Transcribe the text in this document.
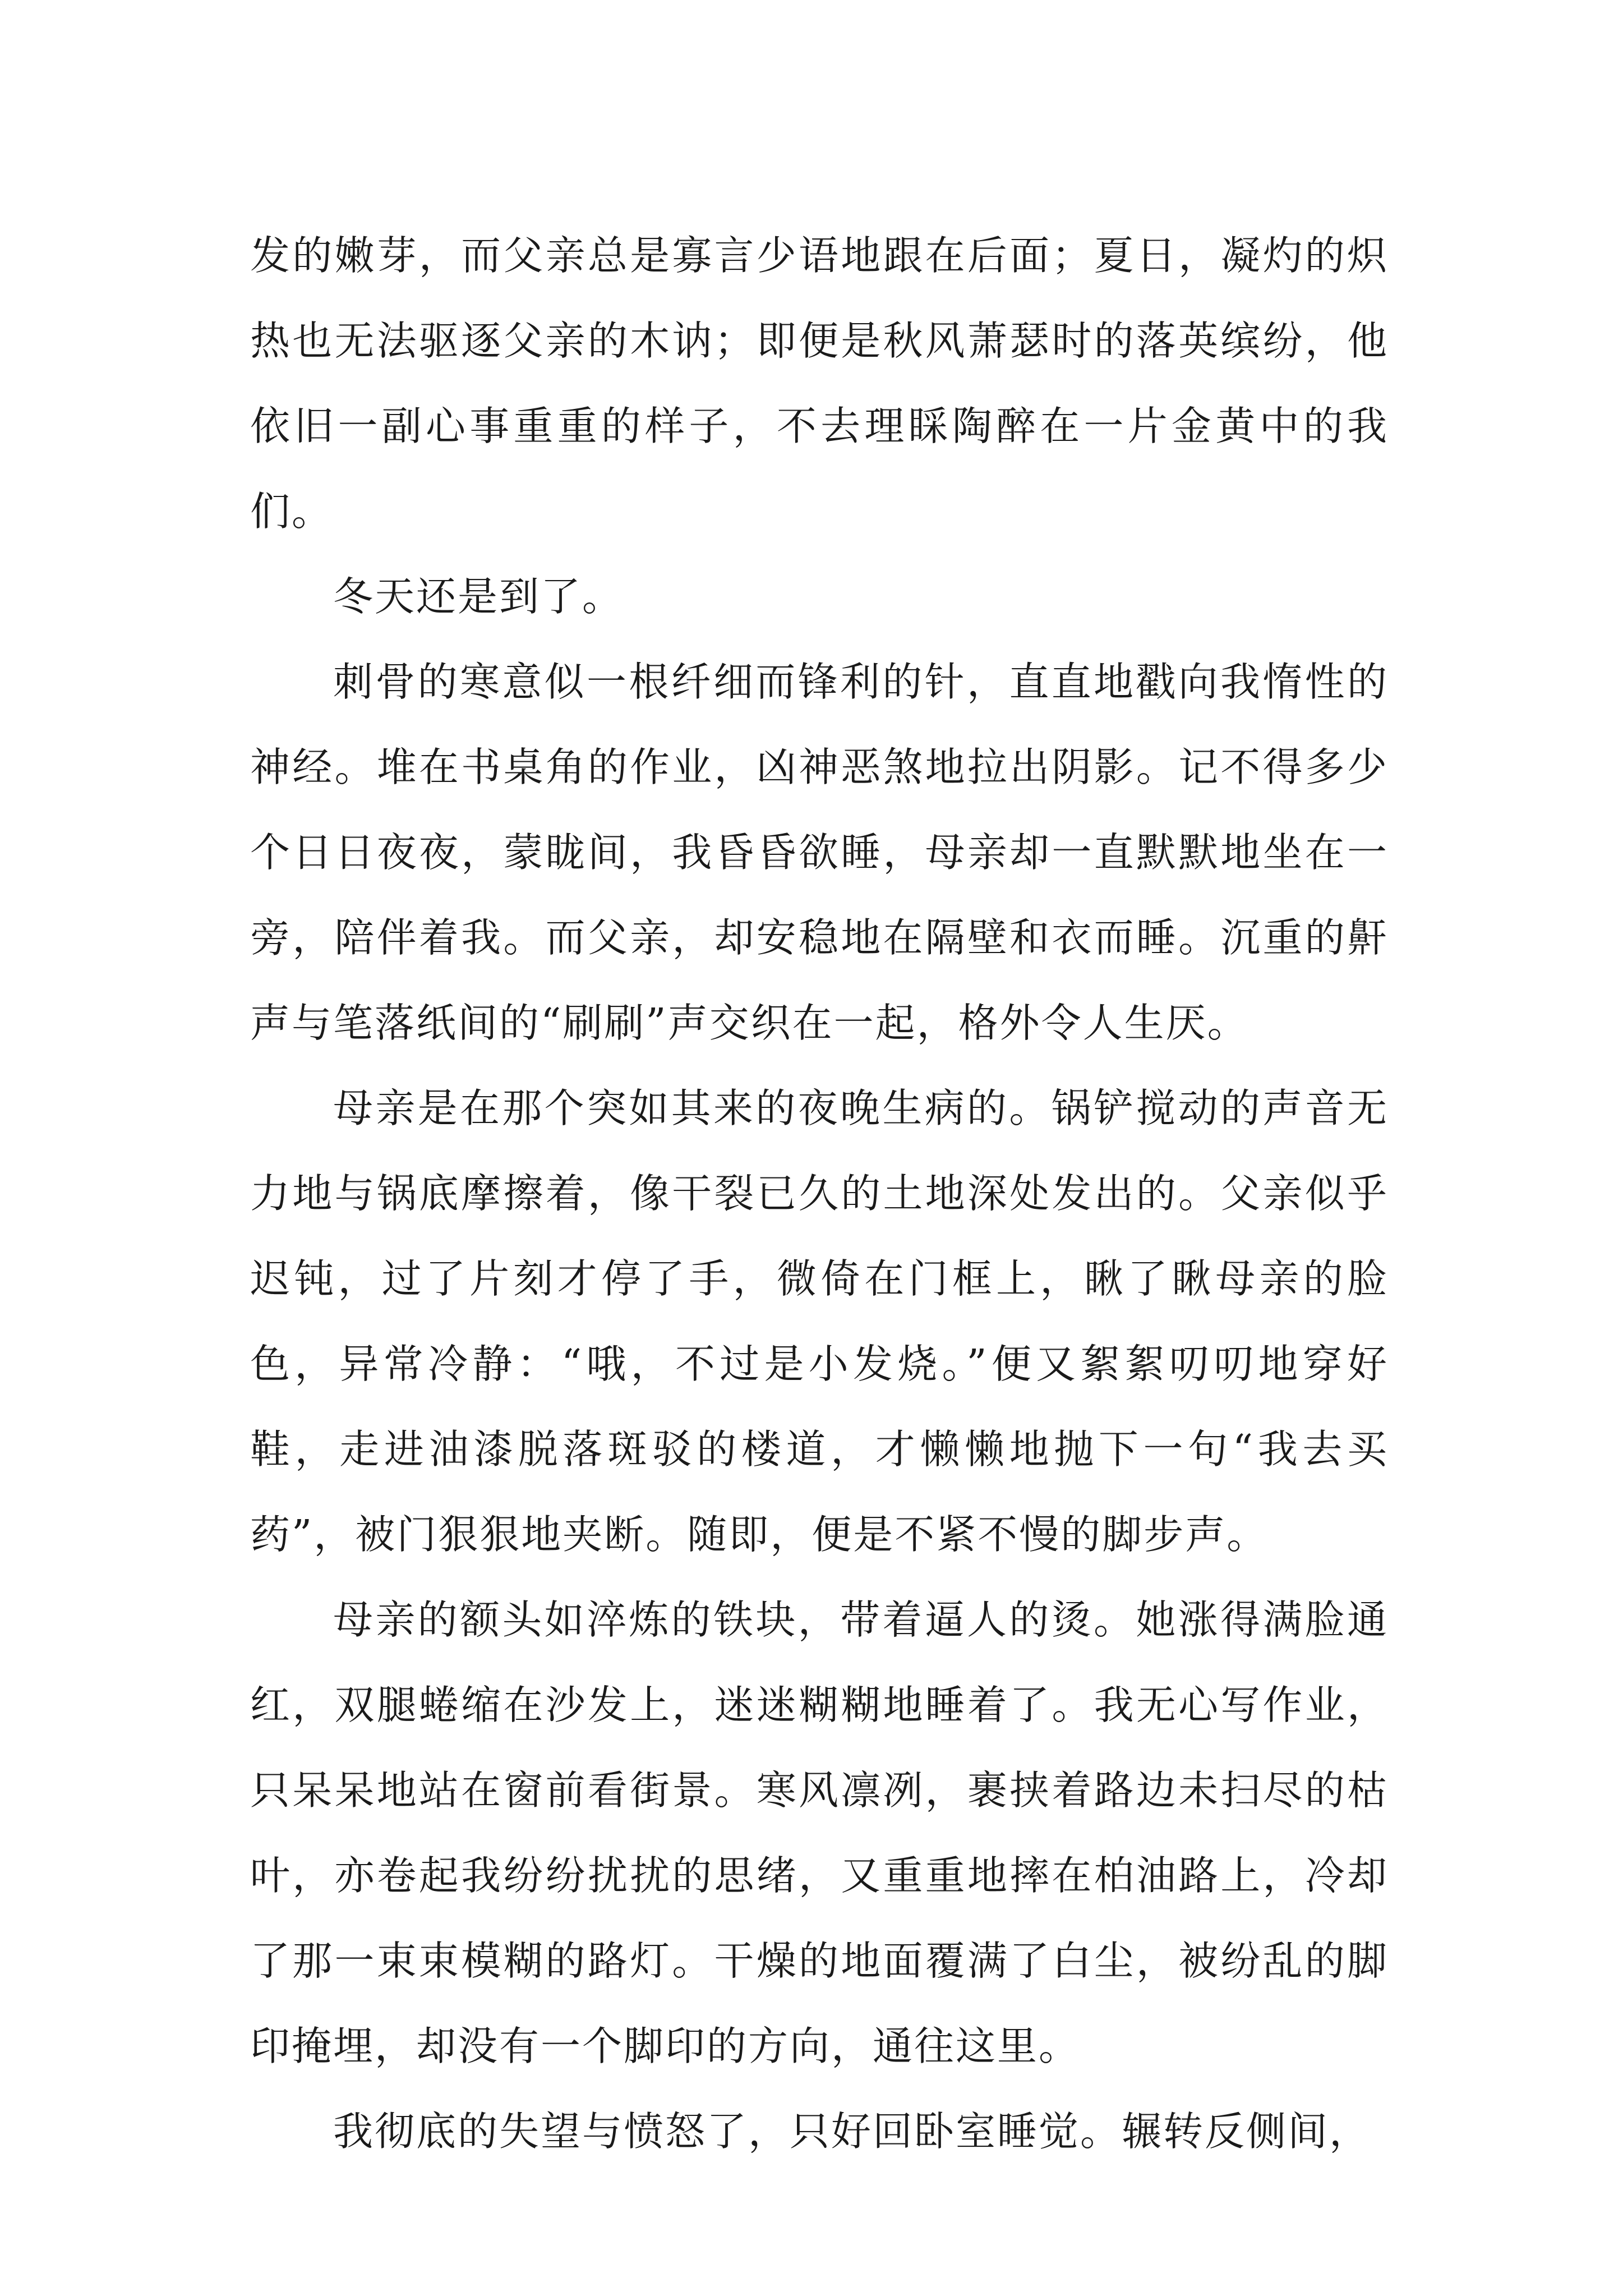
发的嫩芽，而父亲总是寡言少语地跟在后面；夏日，凝灼的炽热也无法驱逐父亲的木讷；即便是秋风萧瑟时的落英缤纷，他依旧一副心事重重的样子，不去理睬陶醉在一片金黄中的我们。

冬天还是到了。

刺骨的寒意似一根纤细而锋利的针，直直地戳向我惰性的神经。堆在书桌角的作业，凶神恶煞地拉出阴影。记不得多少个日日夜夜，蒙眬间，我昏昏欲睡，母亲却一直默默地坐在一旁，陪伴着我。而父亲，却安稳地在隔壁和衣而睡。沉重的鼾声与笔落纸间的“刷刷”声交织在一起，格外令人生厌。

母亲是在那个突如其来的夜晚生病的。锅铲搅动的声音无力地与锅底摩擦着，像干裂已久的土地深处发出的。父亲似乎迟钝，过了片刻才停了手，微倚在门框上，瞅了瞅母亲的脸色，异常冷静：“哦，不过是小发烧。”便又絮絮叨叨地穿好鞋，走进油漆脱落斑驳的楼道，才懒懒地抛下一句“我去买药”，被门狠狠地夹断。随即，便是不紧不慢的脚步声。

母亲的额头如淬炼的铁块，带着逼人的烫。她涨得满脸通红，双腿蜷缩在沙发上，迷迷糊糊地睡着了。我无心写作业，只呆呆地站在窗前看街景。寒风凛冽，裹挟着路边未扫尽的枯叶，亦卷起我纷纷扰扰的思绪，又重重地摔在柏油路上，冷却了那一束束模糊的路灯。干燥的地面覆满了白尘，被纷乱的脚印掩埋，却没有一个脚印的方向，通往这里。

我彻底的失望与愤怒了，只好回卧室睡觉。辗转反侧间，
